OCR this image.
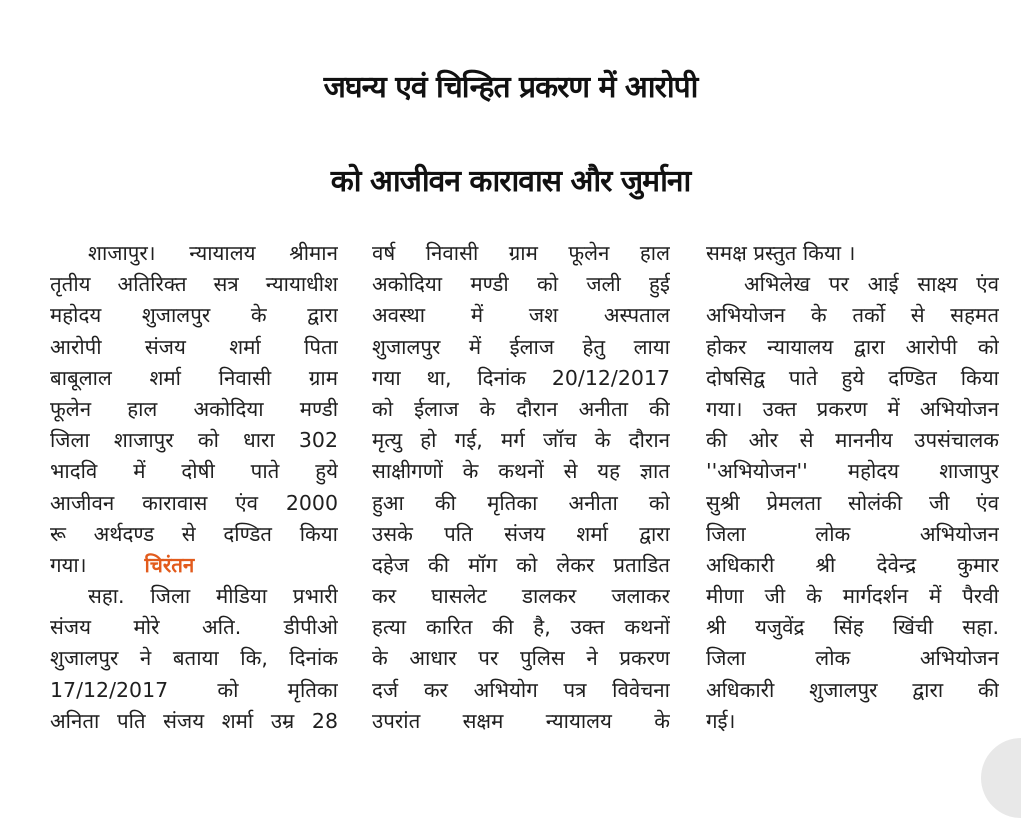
जघन्य एवं चिन्हित प्रकरण में आरोपी
को आजीवन कारावास और जुर्माना
शाजापुर। न्यायालय श्रीमान
तृतीय अतिरिक्त सत्र न्यायाधीश
महोदय शुजालपुर के द्वारा
आरोपी संजय शर्मा पिता
बाबूलाल शर्मा निवासी ग्राम
फूलेन हाल अकोदिया मण्डी
जिला शाजापुर को धारा 302
भादवि में दोषी पाते हुये
आजीवन कारावास एंव 2000
रू अर्थदण्ड से दण्डित किया
गया।	चिरंतन
सहा. जिला मीडिया प्रभारी
संजय मोरे अति. डीपीओ
शुजालपुर ने बताया कि, दिनांक
17/12/2017 को मृतिका
अनिता पति संजय शर्मा उम्र 28
वर्ष निवासी ग्राम फूलेन हाल
अकोदिया मण्डी को जली हुई
अवस्था में जश अस्पताल
शुजालपुर में ईलाज हेतु लाया
गया था, दिनांक 20/12/2017
को ईलाज के दौरान अनीता की
मृत्यु हो गई, मर्ग जॉच के दौरान
साक्षीगणों के कथनों से यह ज्ञात
हुआ की मृतिका अनीता को
उसके पति संजय शर्मा द्वारा
दहेज की मॉग को लेकर प्रताडित
कर घासलेट डालकर जलाकर
हत्या कारित की है, उक्त कथनों
के आधार पर पुलिस ने प्रकरण
दर्ज कर अभियोग पत्र विवेचना
उपरांत सक्षम न्यायालय के
समक्ष प्रस्तुत किया ।
अभिलेख पर आई साक्ष्य एंव
अभियोजन के तर्को से सहमत
होकर न्यायालय द्वारा आरोपी को
दोषसिद्व पाते हुये दण्डित किया
गया। उक्त प्रकरण में अभियोजन
की ओर से माननीय उपसंचालक
''अभियोजन'' महोदय शाजापुर
सुश्री प्रेमलता सोलंकी जी एंव
जिला लोक अभियोजन
अधिकारी श्री देवेन्द्र कुमार
मीणा जी के मार्गदर्शन में पैरवी
श्री यजुवेंद्र सिंह खिंची सहा.
जिला लोक अभियोजन
अधिकारी शुजालपुर द्वारा की
गई।
